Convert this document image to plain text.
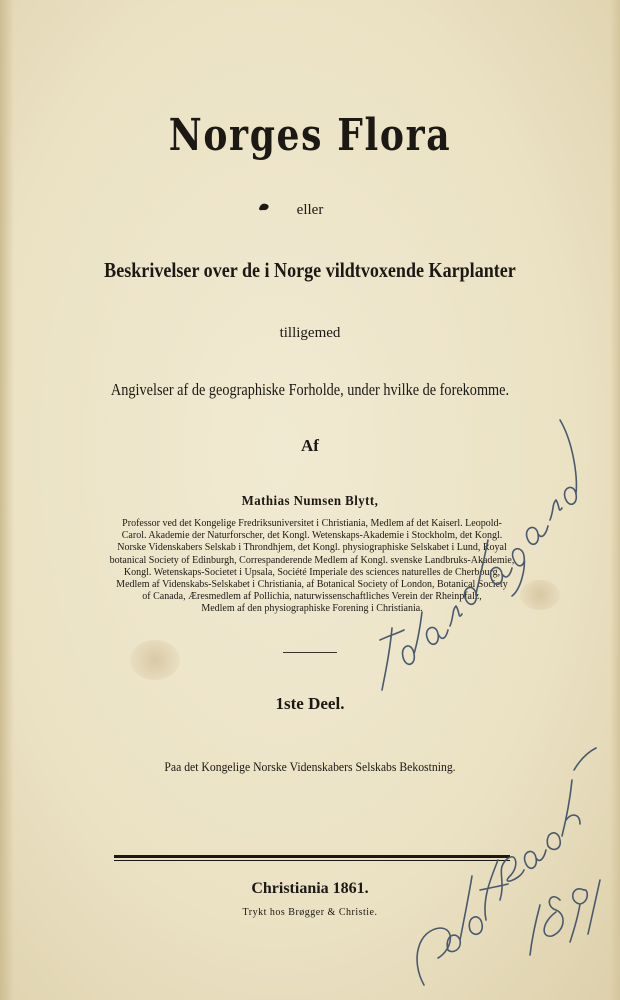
Norges Flora
eller
Beskrivelser over de i Norge vildtvoxende Karplanter
tilligemed
Angivelser af de geographiske Forholde, under hvilke de forekomme.
Af
Mathias Numsen Blytt,
Professor ved det Kongelige Fredriksuniversitet i Christiania, Medlem af det Kaiserl. Leopold-
Carol. Akademie der Naturforscher, det Kongl. Wetenskaps-Akademie i Stockholm, det Kongl.
Norske Videnskabers Selskab i Throndhjem, det Kongl. physiographiske Selskabet i Lund, Royal
botanical Society of Edinburgh, Correspanderende Medlem af Kongl. svenske Landbruks-Akademie,
Kongl. Wetenskaps-Societet i Upsala, Société Imperiale des sciences naturelles de Cherbourg,
Medlem af Videnskabs-Selskabet i Christiania, af Botanical Society of London, Botanical Society
of Canada, Æresmedlem af Pollichia, naturwissenschaftliches Verein der Rheinpfalz,
Medlem af den physiographiske Forening i Christiania.
1ste Deel.
Paa det Kongelige Norske Videnskabers Selskabs Bekostning.
Christiania 1861.
Trykt hos Brøgger & Christie.
